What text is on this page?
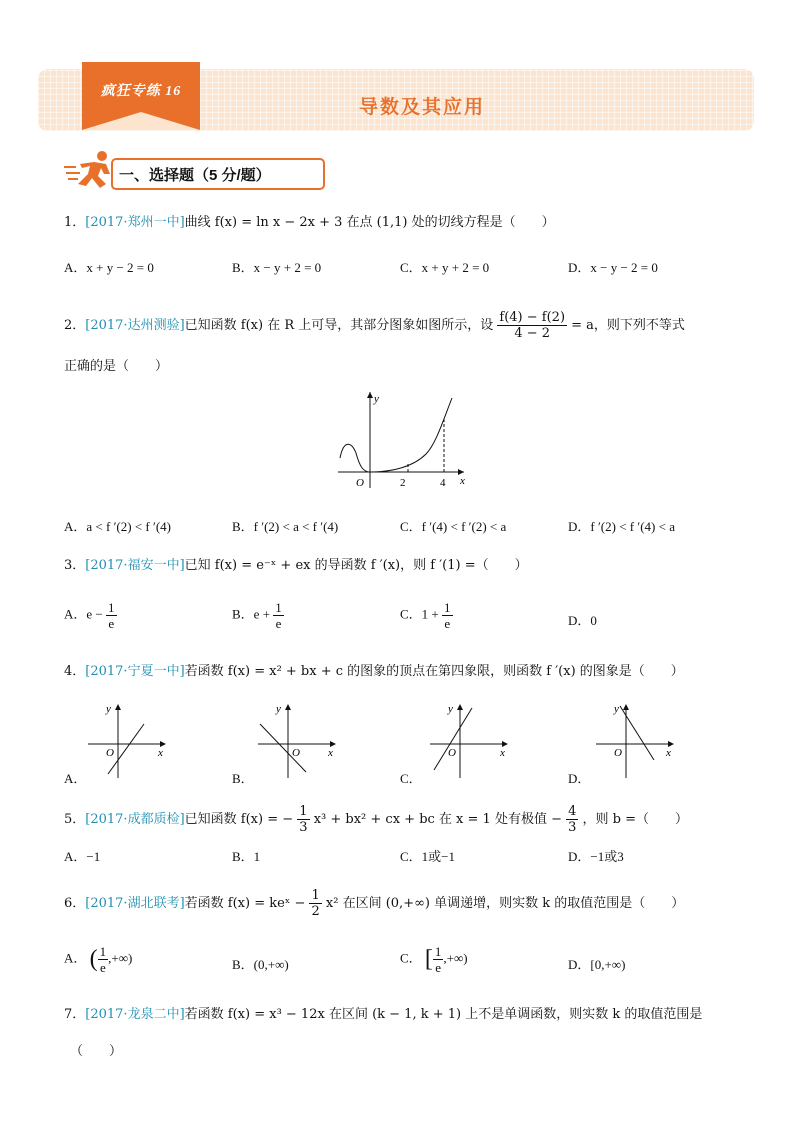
疯狂专练 16
导数及其应用
一、选择题（5 分/题）
1．[2017·郑州一中]曲线 f(x) = ln x − 2x + 3 在点 (1,1) 处的切线方程是（　　）
A．x + y − 2 = 0	B．x − y + 2 = 0	C．x + y + 2 = 0	D．x − y − 2 = 0
2．[2017·达州测验]已知函数 f(x) 在 R 上可导，其部分图象如图所示，设 $\frac{f(4) - f(2)}{4 - 2} = a$，则下列不等式
正确的是（　　）
y
x
O	2	4
A．a < f ′(2) < f ′(4)	B．f ′(2) < a < f ′(4)	C．f ′(4) < f ′(2) < a	D．f ′(2) < f ′(4) < a
3．[2017·福安一中]已知 f(x) = e⁻ˣ + ex 的导函数 f ′(x)，则 f ′(1) =（　　）
A．$e - \frac{1}{e}$	B．$e + \frac{1}{e}$	C．$1 + \frac{1}{e}$	D．0
4．[2017·宁夏一中]若函数 f(x) = x² + bx + c 的图象的顶点在第四象限，则函数 f ′(x) 的图象是（　　）
y
x
O
y
x
O
y
x
O
y
x
O
A．	B．	C．	D．
5．[2017·成都质检]已知函数 f(x) = − $\frac{1}{3} x^3 + bx^2$ + cx + bc 在 x = 1 处有极值 − $\frac{4}{3}$ ，则 b =（　　）
A．−1	B．1	C．1或−1	D．−1或3
6．[2017·湖北联考]若函数 f(x) = keˣ − $\frac{1}{2} x^2$ 在区间 (0,+∞) 单调递增，则实数 k 的取值范围是（　　）
A． ( $\frac{1}{e}$ ,+∞)	B．(0,+∞)	C． [ $\frac{1}{e}$ ,+∞)	D．[0,+∞)
7．[2017·龙泉二中]若函数 f(x) = x³ − 12x 在区间 (k − 1, k + 1) 上不是单调函数，则实数 k 的取值范围是
（　　）
